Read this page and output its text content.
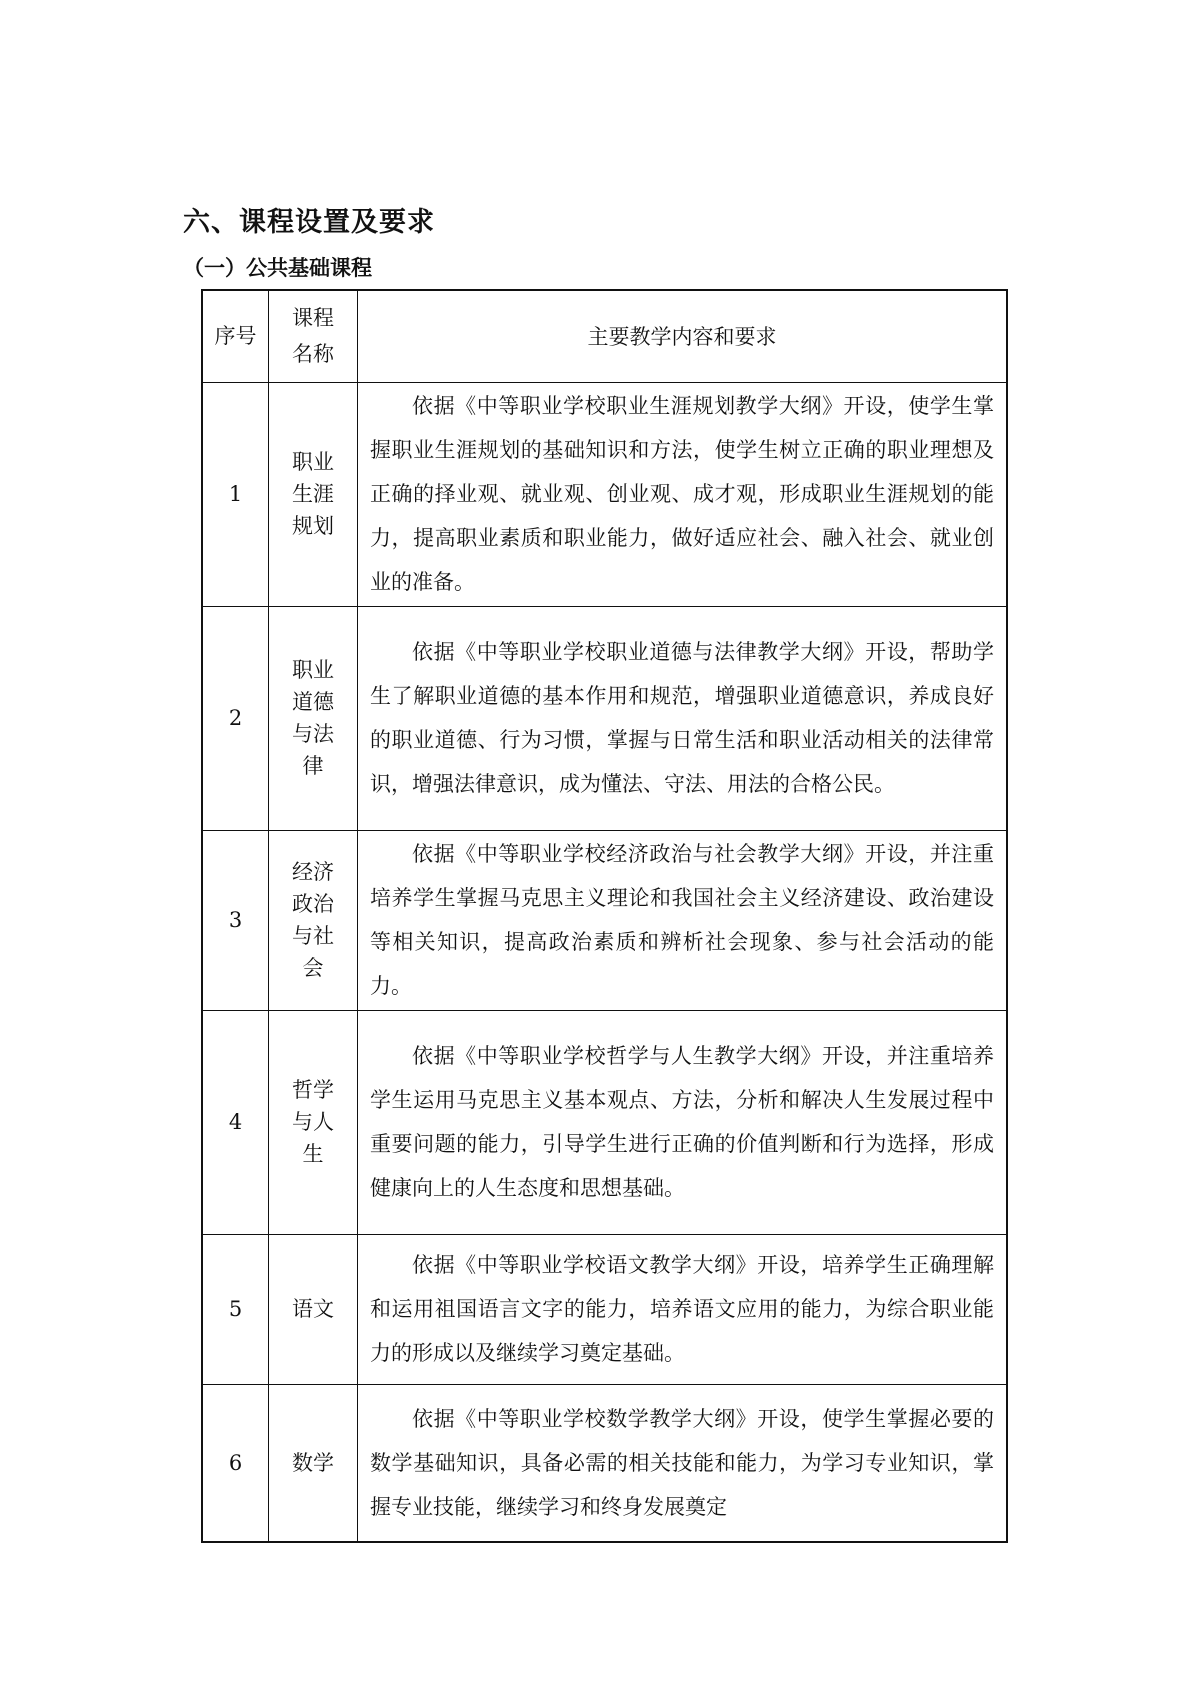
六、课程设置及要求
（一）公共基础课程
序号	课程名称	主要教学内容和要求
1	职业生涯规划	依据《中等职业学校职业生涯规划教学大纲》开设，使学生掌握职业生涯规划的基础知识和方法，使学生树立正确的职业理想及正确的择业观、就业观、创业观、成才观，形成职业生涯规划的能力，提高职业素质和职业能力，做好适应社会、融入社会、就业创业的准备。

2	职业道德与法律	依据《中等职业学校职业道德与法律教学大纲》开设，帮助学生了解职业道德的基本作用和规范，增强职业道德意识，养成良好的职业道德、行为习惯，掌握与日常生活和职业活动相关的法律常识，增强法律意识，成为懂法、守法、用法的合格公民。

3	经济政治与社会	依据《中等职业学校经济政治与社会教学大纲》开设，并注重培养学生掌握马克思主义理论和我国社会主义经济建设、政治建设等相关知识，提高政治素质和辨析社会现象、参与社会活动的能力。

4	哲学与人生	依据《中等职业学校哲学与人生教学大纲》开设，并注重培养学生运用马克思主义基本观点、方法，分析和解决人生发展过程中重要问题的能力，引导学生进行正确的价值判断和行为选择，形成健康向上的人生态度和思想基础。

5	语文	依据《中等职业学校语文教学大纲》开设，培养学生正确理解和运用祖国语言文字的能力，培养语文应用的能力，为综合职业能力的形成以及继续学习奠定基础。

6	数学	依据《中等职业学校数学教学大纲》开设，使学生掌握必要的数学基础知识，具备必需的相关技能和能力，为学习专业知识，掌握专业技能，继续学习和终身发展奠定
